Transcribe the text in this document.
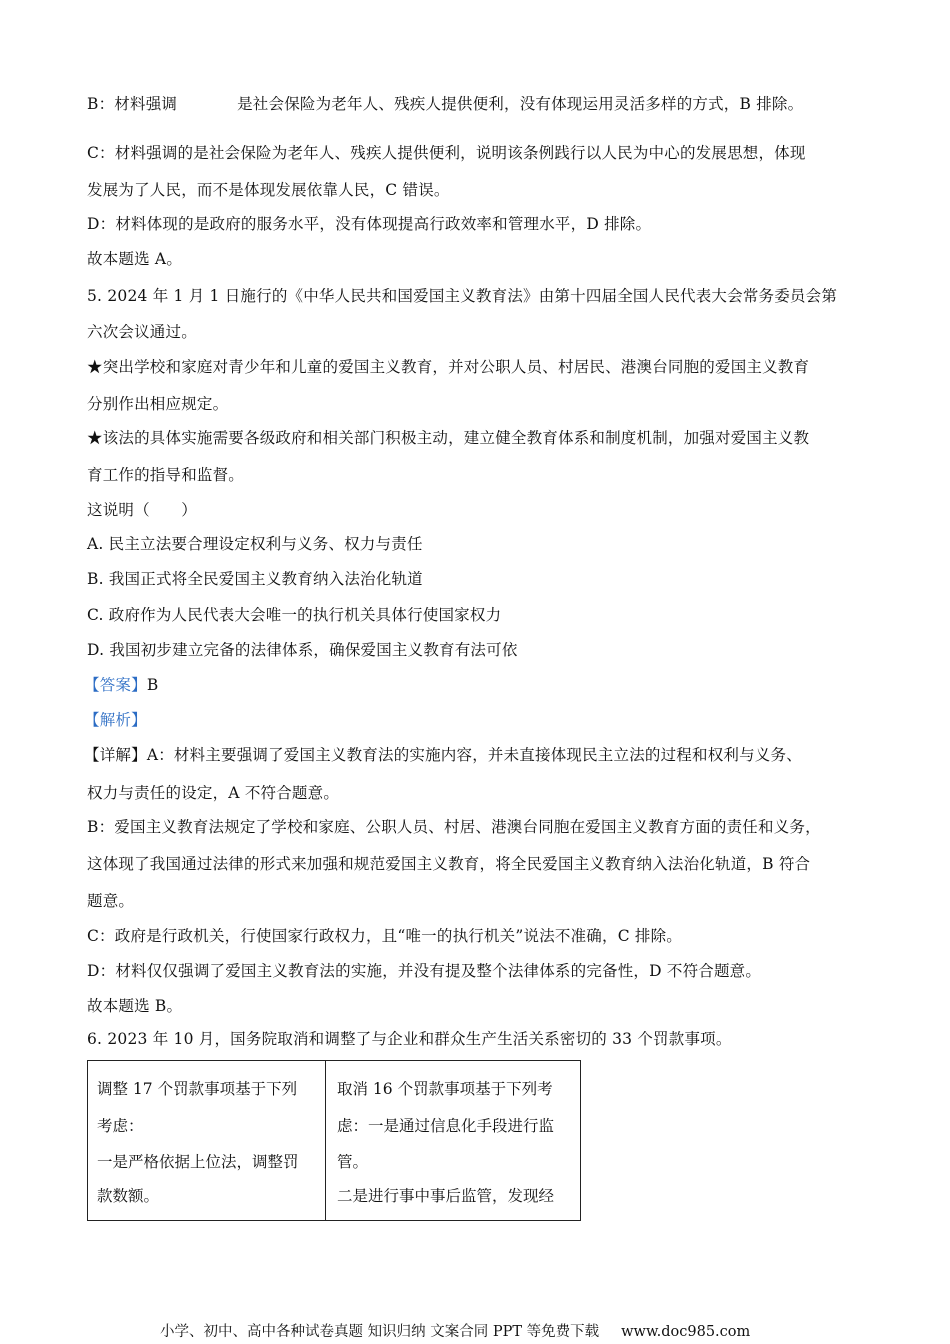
B：材料强调	是社会保险为老年人、残疾人提供便利，没有体现运用灵活多样的方式，B 排除。
C：材料强调的是社会保险为老年人、残疾人提供便利，说明该条例践行以人民为中心的发展思想，体现
发展为了人民，而不是体现发展依靠人民，C 错误。
D：材料体现的是政府的服务水平，没有体现提高行政效率和管理水平，D 排除。
故本题选 A。
5. 2024 年 1 月 1 日施行的《中华人民共和国爱国主义教育法》由第十四届全国人民代表大会常务委员会第
六次会议通过。
★突出学校和家庭对青少年和儿童的爱国主义教育，并对公职人员、村居民、港澳台同胞的爱国主义教育
分别作出相应规定。
★该法的具体实施需要各级政府和相关部门积极主动，建立健全教育体系和制度机制，加强对爱国主义教
育工作的指导和监督。
这说明（　　）
A. 民主立法要合理设定权利与义务、权力与责任
B. 我国正式将全民爱国主义教育纳入法治化轨道
C. 政府作为人民代表大会唯一的执行机关具体行使国家权力
D. 我国初步建立完备的法律体系，确保爱国主义教育有法可依
【答案】B
【解析】
【详解】A：材料主要强调了爱国主义教育法的实施内容，并未直接体现民主立法的过程和权利与义务、
权力与责任的设定，A 不符合题意。
B：爱国主义教育法规定了学校和家庭、公职人员、村居、港澳台同胞在爱国主义教育方面的责任和义务，
这体现了我国通过法律的形式来加强和规范爱国主义教育，将全民爱国主义教育纳入法治化轨道，B 符合
题意。
C：政府是行政机关，行使国家行政权力，且“唯一的执行机关”说法不准确，C 排除。
D：材料仅仅强调了爱国主义教育法的实施，并没有提及整个法律体系的完备性，D 不符合题意。
故本题选 B。
6. 2023 年 10 月，国务院取消和调整了与企业和群众生产生活关系密切的 33 个罚款事项。
调整 17 个罚款事项基于下列
考虑：
一是严格依据上位法，调整罚
款数额。
取消 16 个罚款事项基于下列考
虑：一是通过信息化手段进行监
管。
二是进行事中事后监管，发现经
小学、初中、高中各种试卷真题 知识归纳 文案合同 PPT 等免费下载 www.doc985.com
